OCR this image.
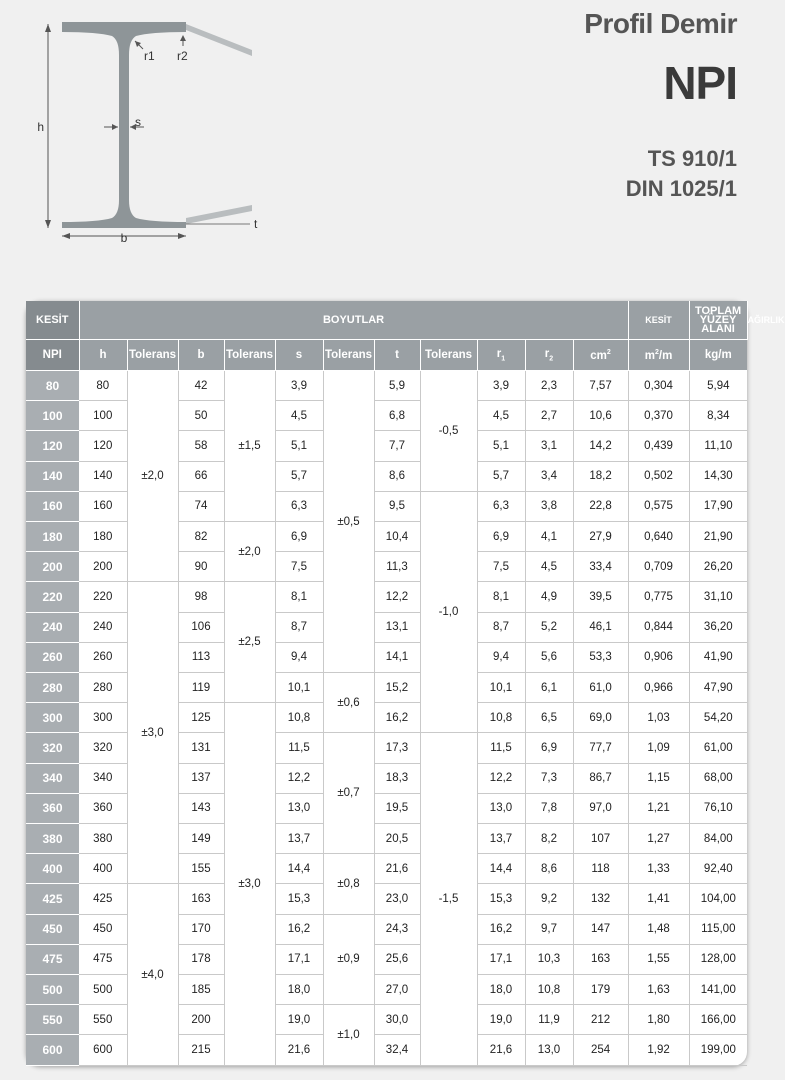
h
b
s
r1 r2
t
Profil Demir
NPI
TS 910/1
DIN 1025/1
KESİT	BOYUTLAR											KESİT	TOPLAM YÜZEY ALANI	AĞIRLIK
NPI	h	Tolerans	b	Tolerans	s	Tolerans	t	Tolerans	$r_1$	$r_2$	$cm^2$	$m^2/m$	kg/m	
80	80	±2,0	42	±1,5	3,9	±0,5	5,9	-0,5	3,9	2,3	7,57	0,304	5,94	
100	100		50		4,5		6,8		4,5	2,7	10,6	0,370	8,34	
120	120		58		5,1		7,7		5,1	3,1	14,2	0,439	11,10	
140	140		66		5,7		8,6		5,7	3,4	18,2	0,502	14,30	
160	160		74		6,3		9,5	-1,0	6,3	3,8	22,8	0,575	17,90	
180	180		82	±2,0	6,9		10,4		6,9	4,1	27,9	0,640	21,90	
200	200		90		7,5		11,3		7,5	4,5	33,4	0,709	26,20	
220	220	±3,0	98	±2,5	8,1		12,2		8,1	4,9	39,5	0,775	31,10	
240	240		106		8,7		13,1		8,7	5,2	46,1	0,844	36,20	
260	260		113		9,4		14,1		9,4	5,6	53,3	0,906	41,90	
280	280		119		10,1	±0,6	15,2		10,1	6,1	61,0	0,966	47,90	
300	300		125	±3,0	10,8		16,2		10,8	6,5	69,0	1,03	54,20	
320	320		131		11,5	±0,7	17,3	-1,5	11,5	6,9	77,7	1,09	61,00	
340	340		137		12,2		18,3		12,2	7,3	86,7	1,15	68,00	
360	360		143		13,0		19,5		13,0	7,8	97,0	1,21	76,10	
380	380		149		13,7		20,5		13,7	8,2	107	1,27	84,00	
400	400		155		14,4	±0,8	21,6		14,4	8,6	118	1,33	92,40	
425	425	±4,0	163		15,3		23,0		15,3	9,2	132	1,41	104,00	
450	450		170		16,2	±0,9	24,3		16,2	9,7	147	1,48	115,00	
475	475		178		17,1		25,6		17,1	10,3	163	1,55	128,00	
500	500		185		18,0		27,0		18,0	10,8	179	1,63	141,00	
550	550		200		19,0	±1,0	30,0		19,0	11,9	212	1,80	166,00	
600	600		215		21,6		32,4		21,6	13,0	254	1,92	199,00	
